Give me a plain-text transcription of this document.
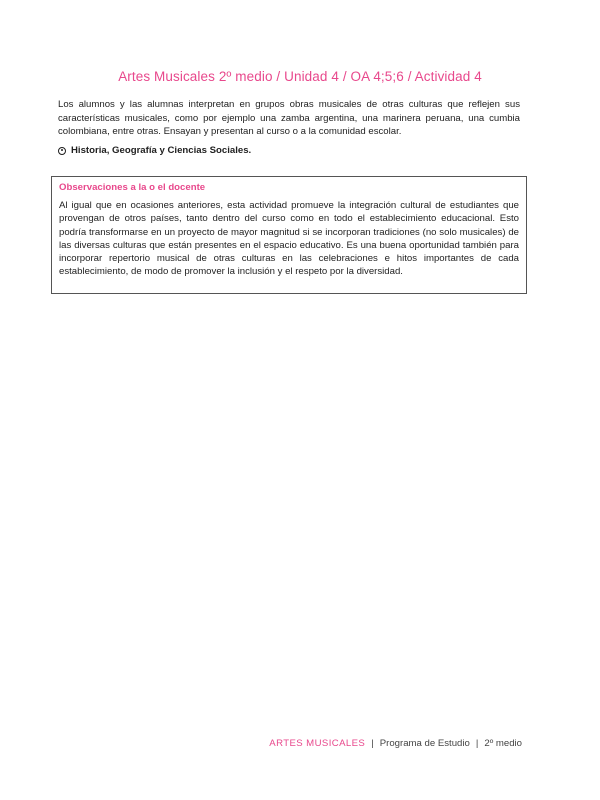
Artes Musicales 2º medio / Unidad 4 / OA 4;5;6 / Actividad 4
Los alumnos y las alumnas interpretan en grupos obras musicales de otras culturas que reflejen sus características musicales, como por ejemplo una zamba argentina, una marinera peruana, una cumbia colombiana, entre otras. Ensayan y presentan al curso o a la comunidad escolar.
Historia, Geografía y Ciencias Sociales.
Observaciones a la o el docente

Al igual que en ocasiones anteriores, esta actividad promueve la integración cultural de estudiantes que provengan de otros países, tanto dentro del curso como en todo el establecimiento educacional. Esto podría transformarse en un proyecto de mayor magnitud si se incorporan tradiciones (no solo musicales) de las diversas culturas que están presentes en el espacio educativo. Es una buena oportunidad también para incorporar repertorio musical de otras culturas en las celebraciones e hitos importantes de cada establecimiento, de modo de promover la inclusión y el respeto por la diversidad.

ARTES MUSICALES | Programa de Estudio | 2º medio
